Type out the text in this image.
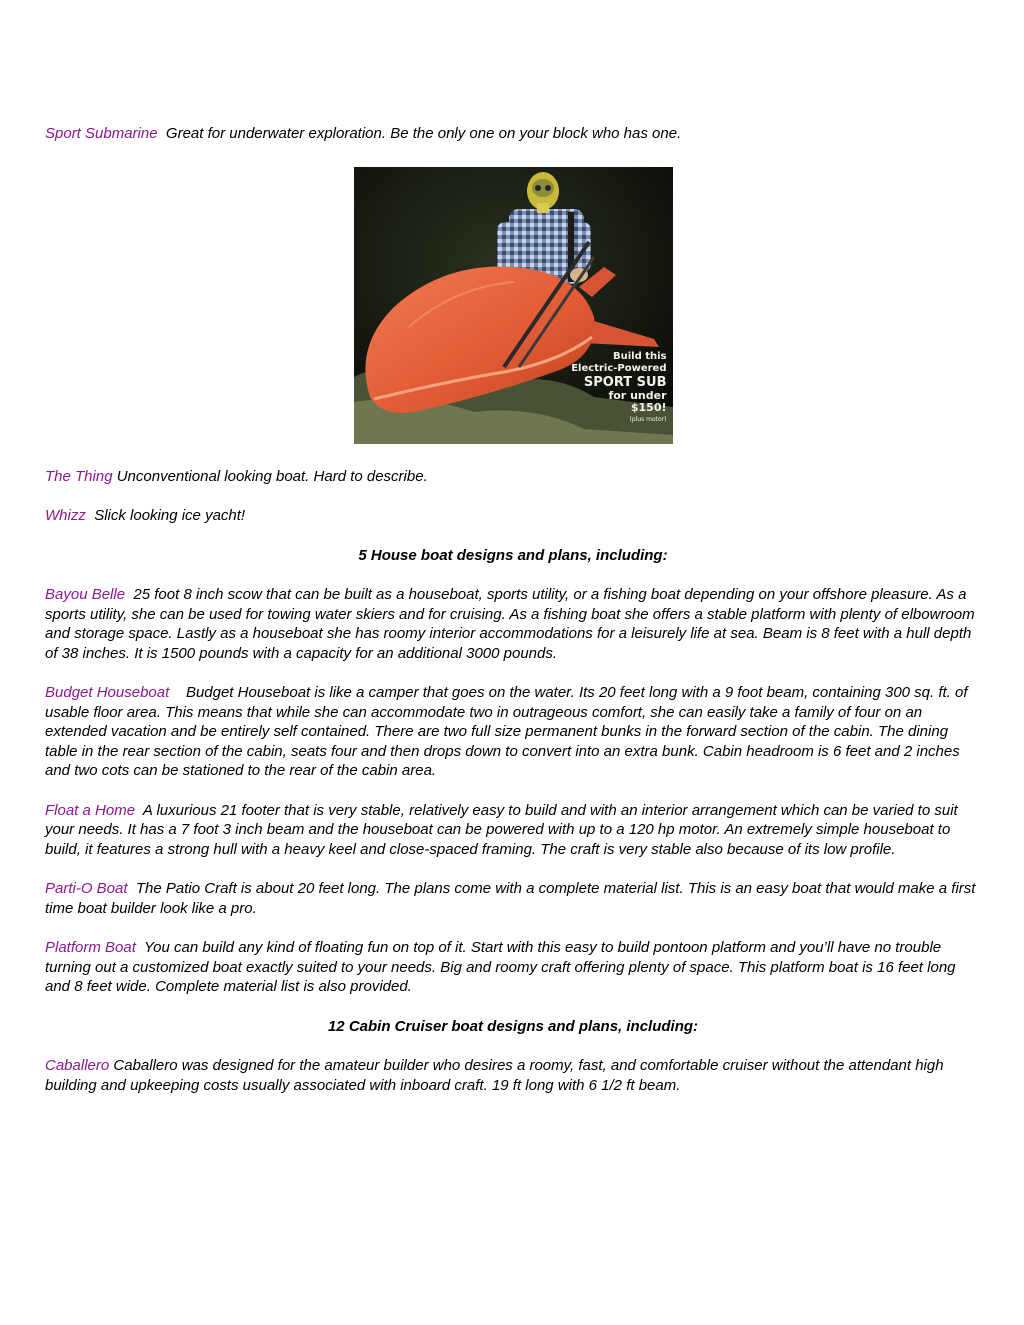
Sport Submarine Great for underwater exploration. Be the only one on your block who has one.

Build this
Electric-Powered
SPORT SUB
for under $150!
(plus motor)

The Thing Unconventional looking boat. Hard to describe.

Whizz Slick looking ice yacht!

5 House boat designs and plans, including:

Bayou Belle 25 foot 8 inch scow that can be built as a houseboat, sports utility, or a fishing boat depending on your offshore pleasure. As a sports utility, she can be used for towing water skiers and for cruising. As a fishing boat she offers a stable platform with plenty of elbowroom and storage space. Lastly as a houseboat she has roomy interior accommodations for a leisurely life at sea. Beam is 8 feet with a hull depth of 38 inches. It is 1500 pounds with a capacity for an additional 3000 pounds.

Budget Houseboat Budget Houseboat is like a camper that goes on the water. Its 20 feet long with a 9 foot beam, containing 300 sq. ft. of usable floor area. This means that while she can accommodate two in outrageous comfort, she can easily take a family of four on an extended vacation and be entirely self contained. There are two full size permanent bunks in the forward section of the cabin. The dining table in the rear section of the cabin, seats four and then drops down to convert into an extra bunk. Cabin headroom is 6 feet and 2 inches and two cots can be stationed to the rear of the cabin area.

Float a Home A luxurious 21 footer that is very stable, relatively easy to build and with an interior arrangement which can be varied to suit your needs. It has a 7 foot 3 inch beam and the houseboat can be powered with up to a 120 hp motor. An extremely simple houseboat to build, it features a strong hull with a heavy keel and close-spaced framing. The craft is very stable also because of its low profile.

Parti-O Boat The Patio Craft is about 20 feet long. The plans come with a complete material list. This is an easy boat that would make a first time boat builder look like a pro.

Platform Boat You can build any kind of floating fun on top of it. Start with this easy to build pontoon platform and you’ll have no trouble turning out a customized boat exactly suited to your needs. Big and roomy craft offering plenty of space. This platform boat is 16 feet long and 8 feet wide. Complete material list is also provided.

12 Cabin Cruiser boat designs and plans, including:

Caballero Caballero was designed for the amateur builder who desires a roomy, fast, and comfortable cruiser without the attendant high building and upkeeping costs usually associated with inboard craft. 19 ft long with 6 1/2 ft beam.
